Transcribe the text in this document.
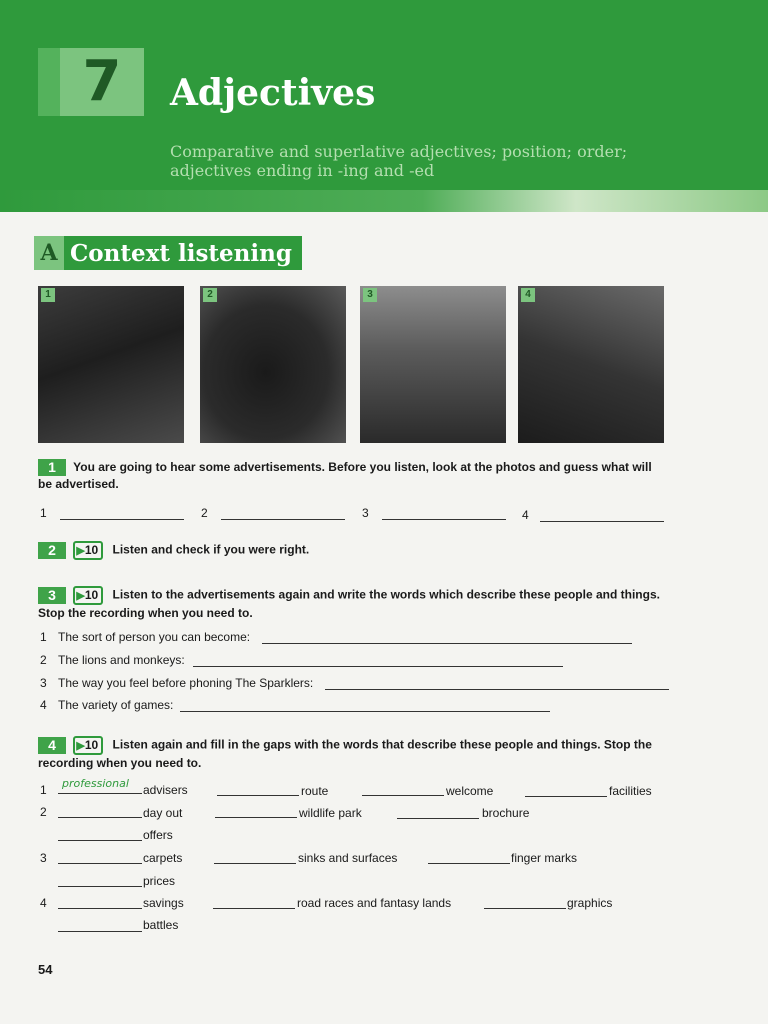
7	Adjectives
Comparative and superlative adjectives; position; order;
adjectives ending in -ing and -ed
A Context listening
1	2	3	4
1 You are going to hear some advertisements. Before you listen, look at the photos and guess what will
be advertised.
1	2	3	4
2 ▶10 Listen and check if you were right.
3 ▶10 Listen to the advertisements again and write the words which describe these people and things.
Stop the recording when you need to.
1 The sort of person you can become:
2 The lions and monkeys:
3 The way you feel before phoning The Sparklers:
4 The variety of games:
4 ▶10 Listen again and fill in the gaps with the words that describe these people and things. Stop the
recording when you need to.
1 professional advisers	route	welcome	facilities
2	day out	wildlife park	brochure
offers
3	carpets	sinks and surfaces	finger marks
prices
4	savings	road races and fantasy lands	graphics
battles
54
